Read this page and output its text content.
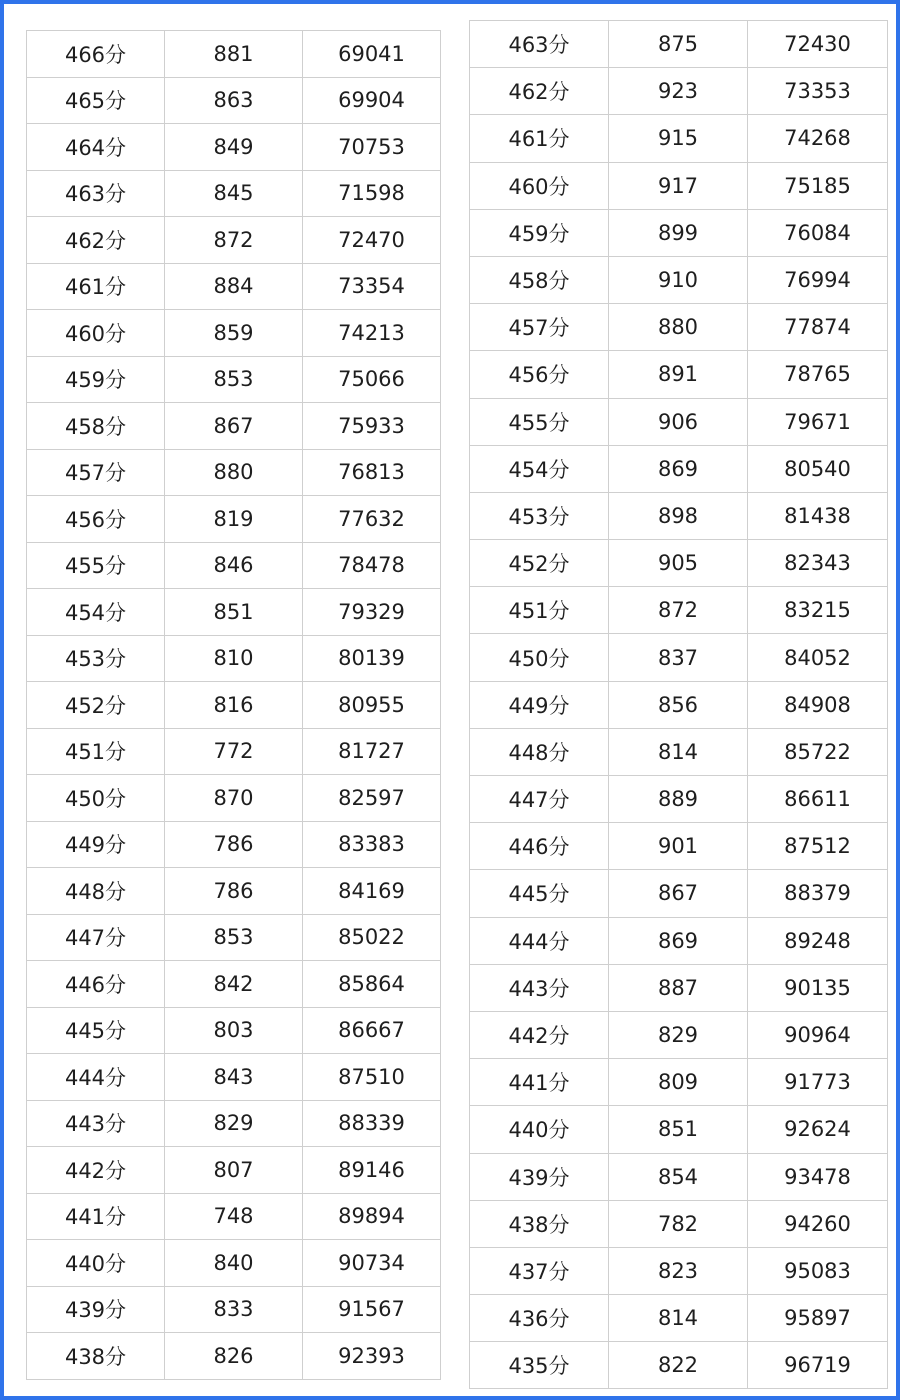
466分	881	69041
465分	863	69904
464分	849	70753
463分	845	71598
462分	872	72470
461分	884	73354
460分	859	74213
459分	853	75066
458分	867	75933
457分	880	76813
456分	819	77632
455分	846	78478
454分	851	79329
453分	810	80139
452分	816	80955
451分	772	81727
450分	870	82597
449分	786	83383
448分	786	84169
447分	853	85022
446分	842	85864
445分	803	86667
444分	843	87510
443分	829	88339
442分	807	89146
441分	748	89894
440分	840	90734
439分	833	91567
438分	826	92393
463分	875	72430
462分	923	73353
461分	915	74268
460分	917	75185
459分	899	76084
458分	910	76994
457分	880	77874
456分	891	78765
455分	906	79671
454分	869	80540
453分	898	81438
452分	905	82343
451分	872	83215
450分	837	84052
449分	856	84908
448分	814	85722
447分	889	86611
446分	901	87512
445分	867	88379
444分	869	89248
443分	887	90135
442分	829	90964
441分	809	91773
440分	851	92624
439分	854	93478
438分	782	94260
437分	823	95083
436分	814	95897
435分	822	96719
